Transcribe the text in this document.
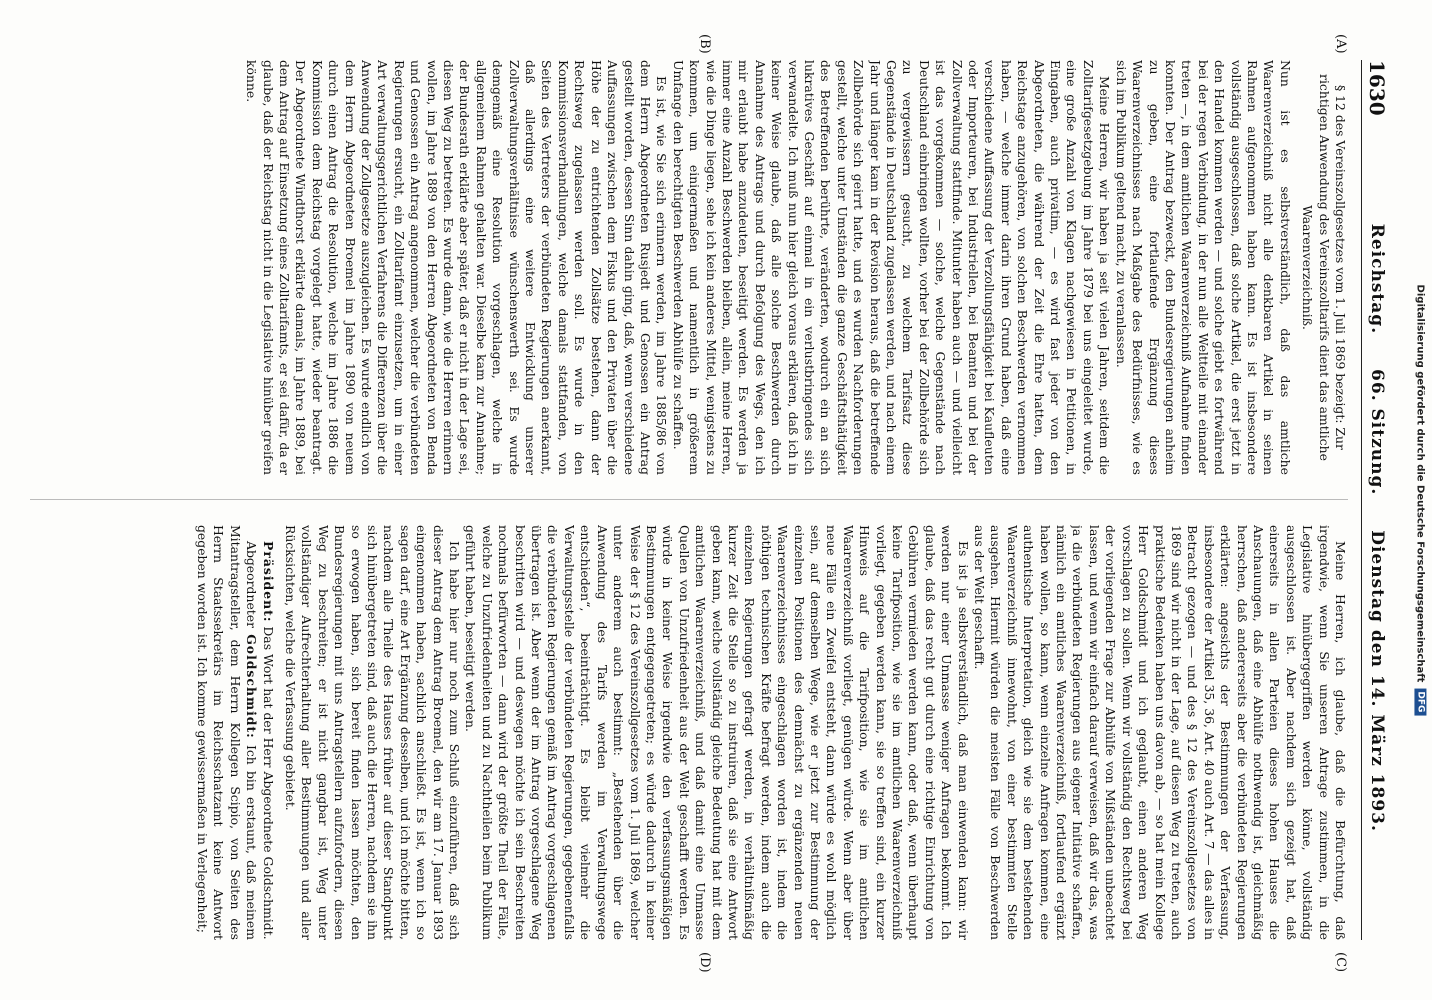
1630
Reichstag. 66. Sitzung. Dienstag den 14. März 1893.
(A)
(B)
(C)
(D)

§ 12 des Vereinszollgesetzes vom 1. Juli 1869 bezeigt: Zur richtigen Anwendung des Vereinszolltarifs dient das amtliche Waarenverzeichniß.

Nun ist es selbstverständlich, daß das amtliche Waarenverzeichniß nicht alle denkbaren Artikel in seinen Rahmen aufgenommen haben kann. Es ist insbesondere vollständig ausgeschlossen, daß solche Artikel, die erst jetzt in den Handel kommen werden — und solche giebt es fortwährend bei der regen Verbindung, in der nun alle Weltteile mit einander treten —, in dem amtlichen Waarenverzeichniß Aufnahme finden konnten. Der Antrag bezweckt, den Bundesregierungen anheim zu geben, eine fortlaufende Ergänzung dieses Waarenverzeichnisses nach Maßgabe des Bedürfnisses, wie es sich im Publikum geltend macht, zu veranlassen.

Meine Herren, wir haben ja seit vielen Jahren, seitdem die Zolltarifgesetzgebung im Jahre 1879 bei uns eingeleitet wurde, eine große Anzahl von Klagen nachgewiesen in Petitionen, in Eingaben, auch privatim, — es wird fast jeder von den Abgeordneten, die während der Zeit die Ehre hatten, dem Reichstage anzugehören, von solchen Beschwerden vernommen haben, — welche immer darin ihren Grund haben, daß eine verschiedene Auffassung der Verzollungsfähigkeit bei Kaufleuten oder Importeuren, bei Industriellen, bei Beamten und bei der Zollverwaltung stattfinde. Mitunter haben auch — und vielleicht ist das vorgekommen — solche, welche Gegenstände nach Deutschland einbringen wollten, vorher bei der Zollbehörde sich zu vergewissern gesucht, zu welchem Tarifsatz diese Gegenstände in Deutschland zugelassen werden, und nach einem Jahr und länger kam in der Revision heraus, daß die betreffende Zollbehörde sich geirrt hatte, und es wurden Nachforderungen gestellt, welche unter Umständen die ganze Geschäftsthätigkeit des Betreffenden berührte, veränderten, wodurch ein an sich lukratives Geschäft auf einmal in ein verlustbringendes sich verwandelte. Ich muß nun hier gleich voraus erklären, daß ich in keiner Weise glaube, daß alle solche Beschwerden durch Annahme des Antrags und durch Befolgung des Wegs, den ich mir erlaubt habe anzudeuten, beseitigt werden. Es werden ja immer eine Anzahl Beschwerden bleiben, allein, meine Herren, wie die Dinge liegen, sehe ich kein anderes Mittel, wenigstens zu kommen, um einigermaßen und namentlich in größerem Umfange den berechtigten Beschwerden Abhülfe zu schaffen.

Es ist, wie Sie sich erinnern werden, im Jahre 1885/86 von dem Herrn Abgeordneten Rusjedt und Genossen ein Antrag gestellt worden, dessen Sinn dahin ging, daß, wenn verschiedene Auffassungen zwischen dem Fiskus und den Privaten über die Höhe der zu entrichtenden Zollsätze bestehen, dann der Rechtsweg zugelassen werden soll. Es wurde in den Kommissionsverhandlungen, welche damals stattfanden, von Seiten des Vertreters der verbündeten Regierungen anerkannt, daß allerdings eine weitere Entwicklung unserer Zollverwaltungsverhältnisse wünschenswerth sei. Es wurde demgemäß eine Resolution vorgeschlagen, welche in allgemeinem Rahmen gehalten war. Dieselbe kam zur Annahme; der Bundesrath erklärte aber später, daß er nicht in der Lage sei, diesen Weg zu betreten. Es wurde dann, wie die Herren erinnern wollen, im Jahre 1889 von den Herren Abgeordneten von Benda und Genossen ein Antrag angenommen, welcher die verbündeten Regierungen ersucht, ein Zolltarifamt einzusetzen, um in einer Art verwaltungsgerichtlichen Verfahrens die Differenzen über die Anwendung der Zollgesetze auszugleichen. Es wurde endlich von dem Herrn Abgeordneten Broemel im Jahre 1890 von neuem durch einen Antrag die Resolution, welche im Jahre 1886 die Kommission dem Reichstag vorgelegt hatte, wieder beantragt. Der Abgeordnete Windthorst erklärte damals, im Jahre 1889, bei dem Antrag auf Einsetzung eines Zolltarifamts, er sei dafür, da er glaube, daß der Reichstag nicht in die Legislative hinüber greifen könne.

Meine Herren, ich glaube, daß die Befürchtung, daß irgendwie, wenn Sie unseren Antrage zustimmen, in die Legislative hinübergegriffen werden könne, vollständig ausgeschlossen ist. Aber nachdem sich gezeigt hat, daß einerseits in allen Parteien dieses hohen Hauses die Anschauungen, daß eine Abhülfe nothwendig ist, gleichmäßig herrschen, daß andererseits aber die verbündeten Regierungen erklärten: angesichts der Bestimmungen der Verfassung, insbesondere der Artikel 35, 36, Art. 40 auch Art. 7 — das alles in Betracht gezogen — und des § 12 des Vereinszollgesetzes von 1869 sind wir nicht in der Lage, auf diesen Weg zu treten, auch praktische Bedenken haben uns davon ab, — so hat mein Kollege Herr Goldschmidt und ich geglaubt, einen anderen Weg vorschlagen zu sollen. Wenn wir vollständig den Rechtsweg bei der vorliegenden Frage zur Abhülfe von Mißständen unbeachtet lassen, und wenn wir einfach darauf verweisen, daß wir das, was ja die verbündeten Regierungen aus eigener Initiative schaffen, nämlich ein amtliches Waarenverzeichniß, fortlaufend ergänzt haben wollen, so kann, wenn einzelne Anfragen kommen, eine authentische Interpretation, gleich wie sie dem bestehenden Waarenverzeichniß innewohnt, von einer bestimmten Stelle ausgehen. Hiermit würden die meisten Fälle von Beschwerden aus der Welt geschafft.

Es ist ja selbstverständlich, daß man einwenden kann: wir werden nur einer Unmasse weniger Anfragen bekommt. Ich glaube, daß das recht gut durch eine richtige Einrichtung von Gebühren vermieden werden kann, oder daß, wenn überhaupt keine Tarifposition, wie sie im amtlichen Waarenverzeichniß vorliegt, gegeben werden kann, sie so treffen sind, ein kurzer Hinweis auf die Tarifposition, wie sie im amtlichen Waarenverzeichniß vorliegt, genügen würde. Wenn aber über neue Fälle ein Zweifel entsteht, dann würde es wohl möglich sein, auf demselben Wege, wie er jetzt zur Bestimmung der einzelnen Positionen des demnächst zu ergänzenden neuen Waarenverzeichnisses eingeschlagen worden ist, indem die nöthigen technischen Kräfte befragt werden, indem auch die einzelnen Regierungen gefragt werden, in verhältnißmäßig kurzer Zeit die Stelle so zu instruiren, daß sie eine Antwort geben kann, welche vollständig gleiche Bedeutung hat mit dem amtlichen Waarenverzeichniß, und daß damit eine Unmasse Quellen von Unzufriedenheit aus der Welt geschafft werden. Es würde in keiner Weise irgendwie den verfassungsmäßigen Bestimmungen entgegengetreten; es würde dadurch in keiner Weise der § 12 des Vereinszollgesetzes vom 1. Juli 1869, welcher unter anderem auch bestimmt: „Bestehenden über die Anwendung des Tarifs werden im Verwaltungswege entschieden“, beeinträchtigt. Es bleibt vielmehr die Verwaltungsstelle der verbündeten Regierungen, gegebenenfalls die verbündeten Regierungen gemäß im Antrag vorgeschlagenen übertragen ist. Aber wenn der im Antrag vorgeschlagene Weg beschritten wird — und deswegen möchte ich sein Beschreiten nochmals befürworten — dann wird der größte Theil der Fälle, welche zu Unzufriedenheiten und zu Nachtheilen beim Publikum geführt haben, beseitigt werden.

Ich habe hier nur noch zum Schluß einzuführen, daß sich dieser Antrag dem Antrag Broemel, den wir am 17. Januar 1893 eingenommen haben, sachlich anschließt. Es ist, wenn ich so sagen darf, eine Art Ergänzung desselben, und ich möchte bitten, nachdem alle Theile des Hauses früher auf dieser Standpunkt sich hinübergetreten sind, daß auch die Herren, nachdem sie ihn so erwogen haben, sich bereit finden lassen möchten, den Bundesregierungen mit uns Antragstellern aufzufordern, diesen Weg zu beschreiten; er ist nicht gangbar ist, Weg unter vollständiger Aufrechterhaltung aller Bestimmungen und aller Rücksichten, welche die Verfassung gebietet.

Präsident: Das Wort hat der Herr Abgeordnete Goldschmidt.

Abgeordneter Goldschmidt: Ich bin erstaunt, daß meinem Mitantragsteller, dem Herrn Kollegen Scipio, von Seiten des Herrn Staatssekretärs im Reichsschatzamt keine Antwort gegeben worden ist. Ich komme gewissermaßen in Verlegenheit;

Digitalisierung gefördert durch die Deutsche Forschungsgemeinschaft
DFG
